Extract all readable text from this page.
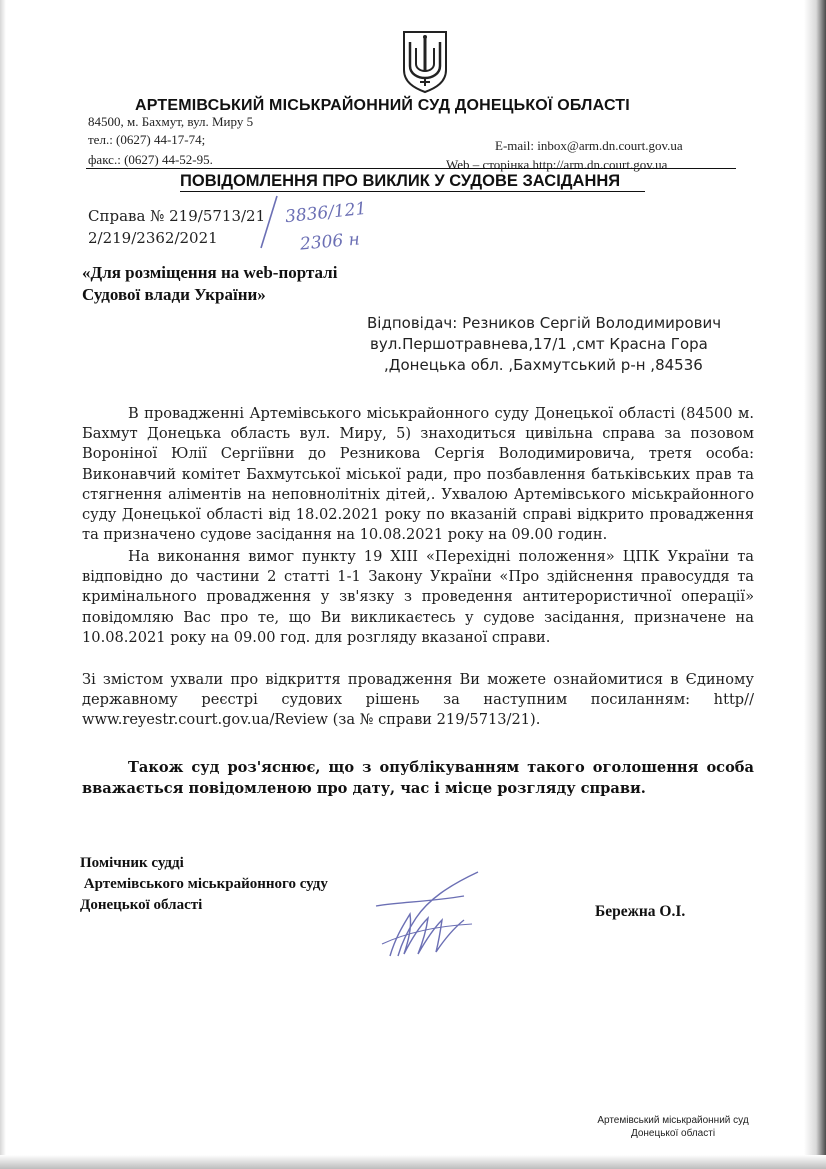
АРТЕМІВСЬКИЙ МІСЬКРАЙОННИЙ СУД ДОНЕЦЬКОЇ ОБЛАСТІ
84500, м. Бахмут, вул. Миру 5
тел.: (0627) 44-17-74;	E-mail: inbox@arm.dn.court.gov.ua
факс.: (0627) 44-52-95.	Web – сторінка http://arm.dn.court.gov.ua
ПОВІДОМЛЕННЯ ПРО ВИКЛИК У СУДОВЕ ЗАСІДАННЯ
Справа № 219/5713/21
2/219/2362/2021
3836/121
2306 н
«Для розміщення на web-порталі
Судової влади України»
Відповідач: Резников Сергій Володимирович
вул.Першотравнева,17/1 ,смт Красна Гора
,Донецька обл. ,Бахмутський р-н ,84536
В провадженні Артемівського міськрайонного суду Донецької області (84500 м. Бахмут Донецька область вул. Миру, 5) знаходиться цивільна справа за позовом Вороніної Юлії Сергіївни до Резникова Сергія Володимировича, третя особа: Виконавчий комітет Бахмутської міської ради, про позбавлення батьківських прав та стягнення аліментів на неповнолітніх дітей,. Ухвалою Артемівського міськрайонного суду Донецької області від 18.02.2021 року по вказаній справі відкрито провадження та призначено судове засідання на 10.08.2021 року на 09.00 годин.
На виконання вимог пункту 19 XIII «Перехідні положення» ЦПК України та відповідно до частини 2 статті 1-1 Закону України «Про здійснення правосуддя та кримінального провадження у зв'язку з проведення антитерористичної операції» повідомляю Вас про те, що Ви викликаєтесь у судове засідання, призначене на 10.08.2021 року на 09.00 год. для розгляду вказаної справи.
Зі змістом ухвали про відкриття провадження Ви можете ознайомитися в Єдиному державному реєстрі судових рішень за наступним посиланням: http// www.reyestr.court.gov.ua/Review (за № справи 219/5713/21).
Також суд роз'яснює, що з опублікуванням такого оголошення особа вважається повідомленою про дату, час і місце розгляду справи.
Помічник судді
Артемівського міськрайонного суду
Донецької області	Бережна О.І.
Артемівський міськрайонний суд
Донецької області
